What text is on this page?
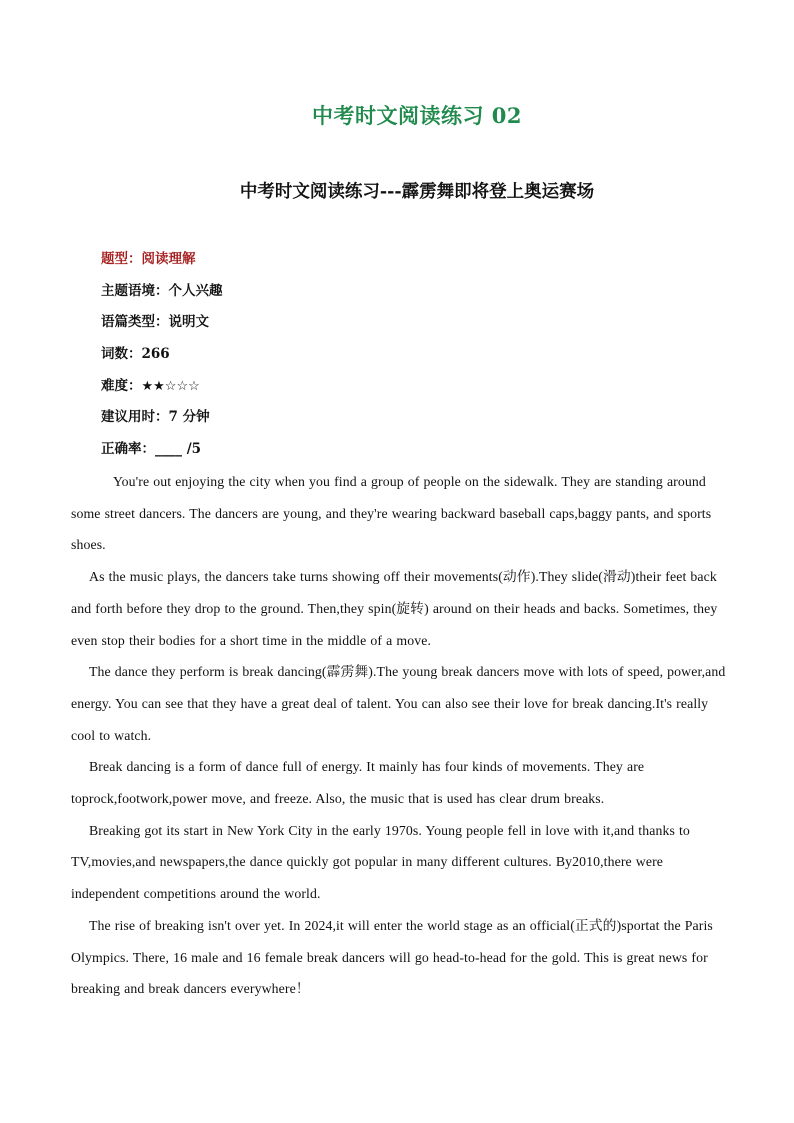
中考时文阅读练习 02
中考时文阅读练习---霹雳舞即将登上奥运赛场
题型：阅读理解
主题语境：个人兴趣
语篇类型：说明文
词数：266
难度：★★☆☆☆
建议用时：7 分钟
正确率：____ /5

You're out enjoying the city when you find a group of people on the sidewalk. They are standing around some street dancers. The dancers are young, and they're wearing backward baseball caps,baggy pants, and sports shoes.

As the music plays, the dancers take turns showing off their movements(动作).They slide(滑动)their feet back and forth before they drop to the ground. Then,they spin(旋转) around on their heads and backs. Sometimes, they even stop their bodies for a short time in the middle of a move.

The dance they perform is break dancing(霹雳舞).The young break dancers move with lots of speed, power,and energy. You can see that they have a great deal of talent. You can also see their love for break dancing.It's really cool to watch.

Break dancing is a form of dance full of energy. It mainly has four kinds of movements. They are toprock,footwork,power move, and freeze. Also, the music that is used has clear drum breaks.

Breaking got its start in New York City in the early 1970s. Young people fell in love with it,and thanks to TV,movies,and newspapers,the dance quickly got popular in many different cultures. By2010,there were independent competitions around the world.

The rise of breaking isn't over yet. In 2024,it will enter the world stage as an official(正式的)sportat the Paris Olympics. There, 16 male and 16 female break dancers will go head-to-head for the gold. This is great news for breaking and break dancers everywhere！
